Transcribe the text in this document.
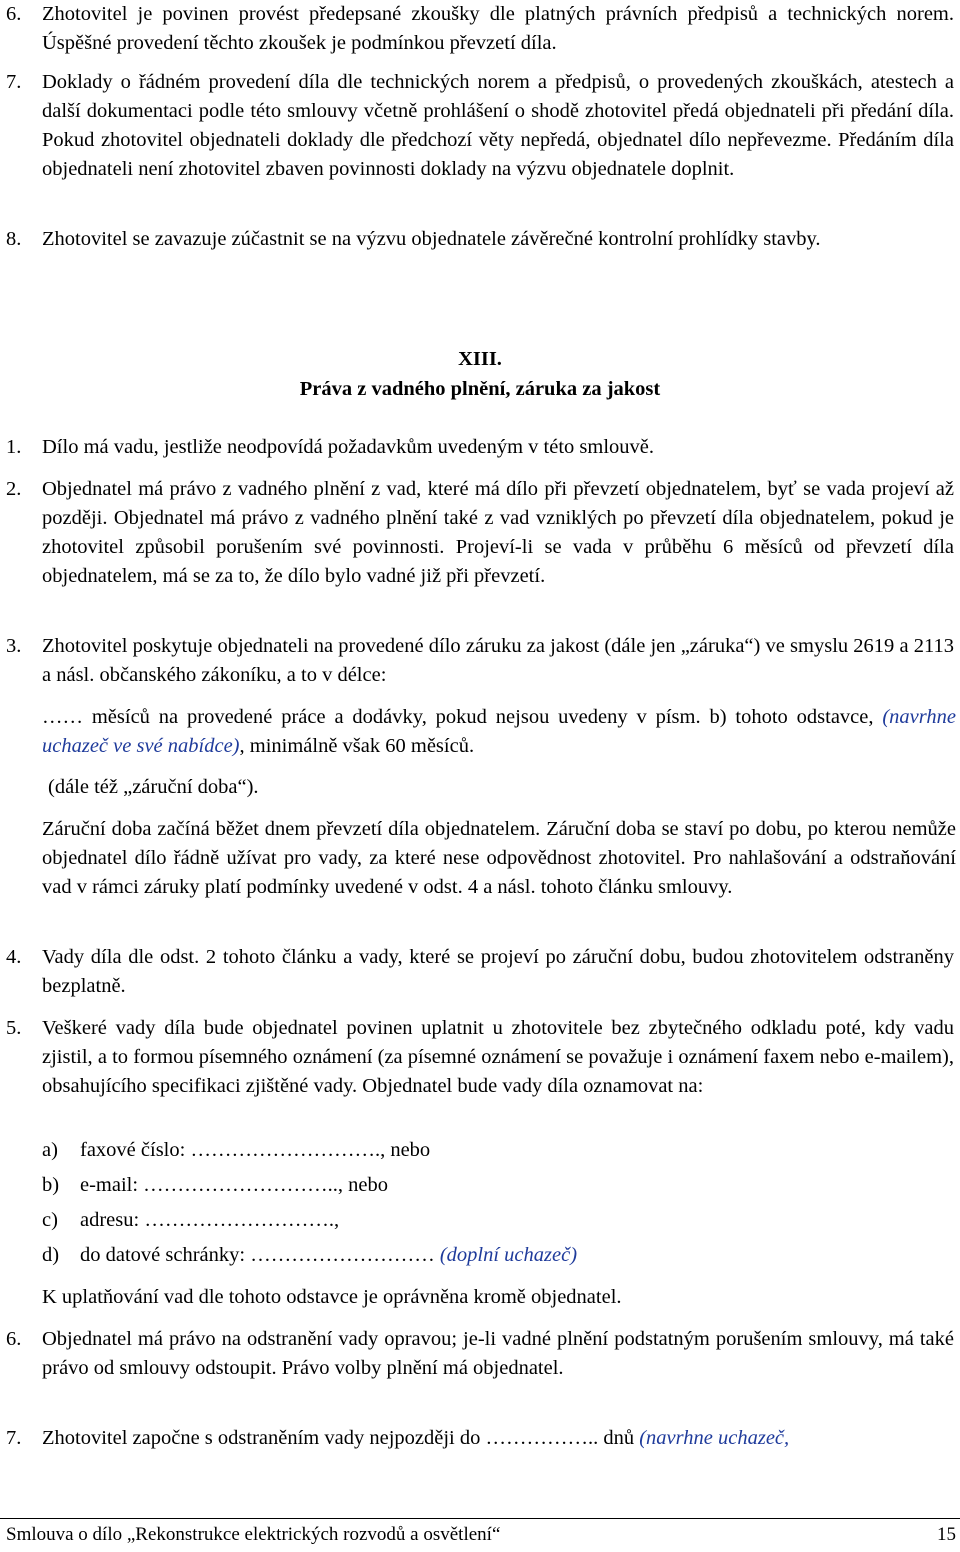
6.	Zhotovitel je povinen provést předepsané zkoušky dle platných právních předpisů a technických norem. Úspěšné provedení těchto zkoušek je podmínkou převzetí díla.
7.	Doklady o řádném provedení díla dle technických norem a předpisů, o provedených zkouškách, atestech a další dokumentaci podle této smlouvy včetně prohlášení o shodě zhotovitel předá objednateli při předání díla. Pokud zhotovitel objednateli doklady dle předchozí věty nepředá, objednatel dílo nepřevezme. Předáním díla objednateli není zhotovitel zbaven povinnosti doklady na výzvu objednatele doplnit.
8.	Zhotovitel se zavazuje zúčastnit se na výzvu objednatele závěrečné kontrolní prohlídky stavby.
XIII.
Práva z vadného plnění, záruka za jakost
1.	Dílo má vadu, jestliže neodpovídá požadavkům uvedeným v této smlouvě.
2.	Objednatel má právo z vadného plnění z vad, které má dílo při převzetí objednatelem, byť se vada projeví až později. Objednatel má právo z vadného plnění také z vad vzniklých po převzetí díla objednatelem, pokud je zhotovitel způsobil porušením své povinnosti. Projeví-li se vada v průběhu 6 měsíců od převzetí díla objednatelem, má se za to, že dílo bylo vadné již při převzetí.
3.	Zhotovitel poskytuje objednateli na provedené dílo záruku za jakost (dále jen „záruka“) ve smyslu 2619 a 2113 a násl. občanského zákoníku, a to v délce:
…… měsíců na provedené práce a dodávky, pokud nejsou uvedeny v písm. b) tohoto odstavce, (navrhne uchazeč ve své nabídce), minimálně však 60 měsíců.
(dále též „záruční doba“).
Záruční doba začíná běžet dnem převzetí díla objednatelem. Záruční doba se staví po dobu, po kterou nemůže objednatel dílo řádně užívat pro vady, za které nese odpovědnost zhotovitel. Pro nahlašování a odstraňování vad v rámci záruky platí podmínky uvedené v odst. 4 a násl. tohoto článku smlouvy.
4.	Vady díla dle odst. 2 tohoto článku a vady, které se projeví po záruční dobu, budou zhotovitelem odstraněny bezplatně.
5.	Veškeré vady díla bude objednatel povinen uplatnit u zhotovitele bez zbytečného odkladu poté, kdy vadu zjistil, a to formou písemného oznámení (za písemné oznámení se považuje i oznámení faxem nebo e-mailem), obsahujícího specifikaci zjištěné vady. Objednatel bude vady díla oznamovat na:
a)	faxové číslo: ………………………., nebo
b)	e-mail: ……………………….., nebo
c)	adresu: ……………………….,
d)	do datové schránky: ……………………… (doplní uchazeč)
K uplatňování vad dle tohoto odstavce je oprávněna kromě objednatel.
6.	Objednatel má právo na odstranění vady opravou; je-li vadné plnění podstatným porušením smlouvy, má také právo od smlouvy odstoupit. Právo volby plnění má objednatel.
7.	Zhotovitel započne s odstraněním vady nejpozději do …………….. dnů (navrhne uchazeč,
Smlouva o dílo „Rekonstrukce elektrických rozvodů a osvětlení“	15
